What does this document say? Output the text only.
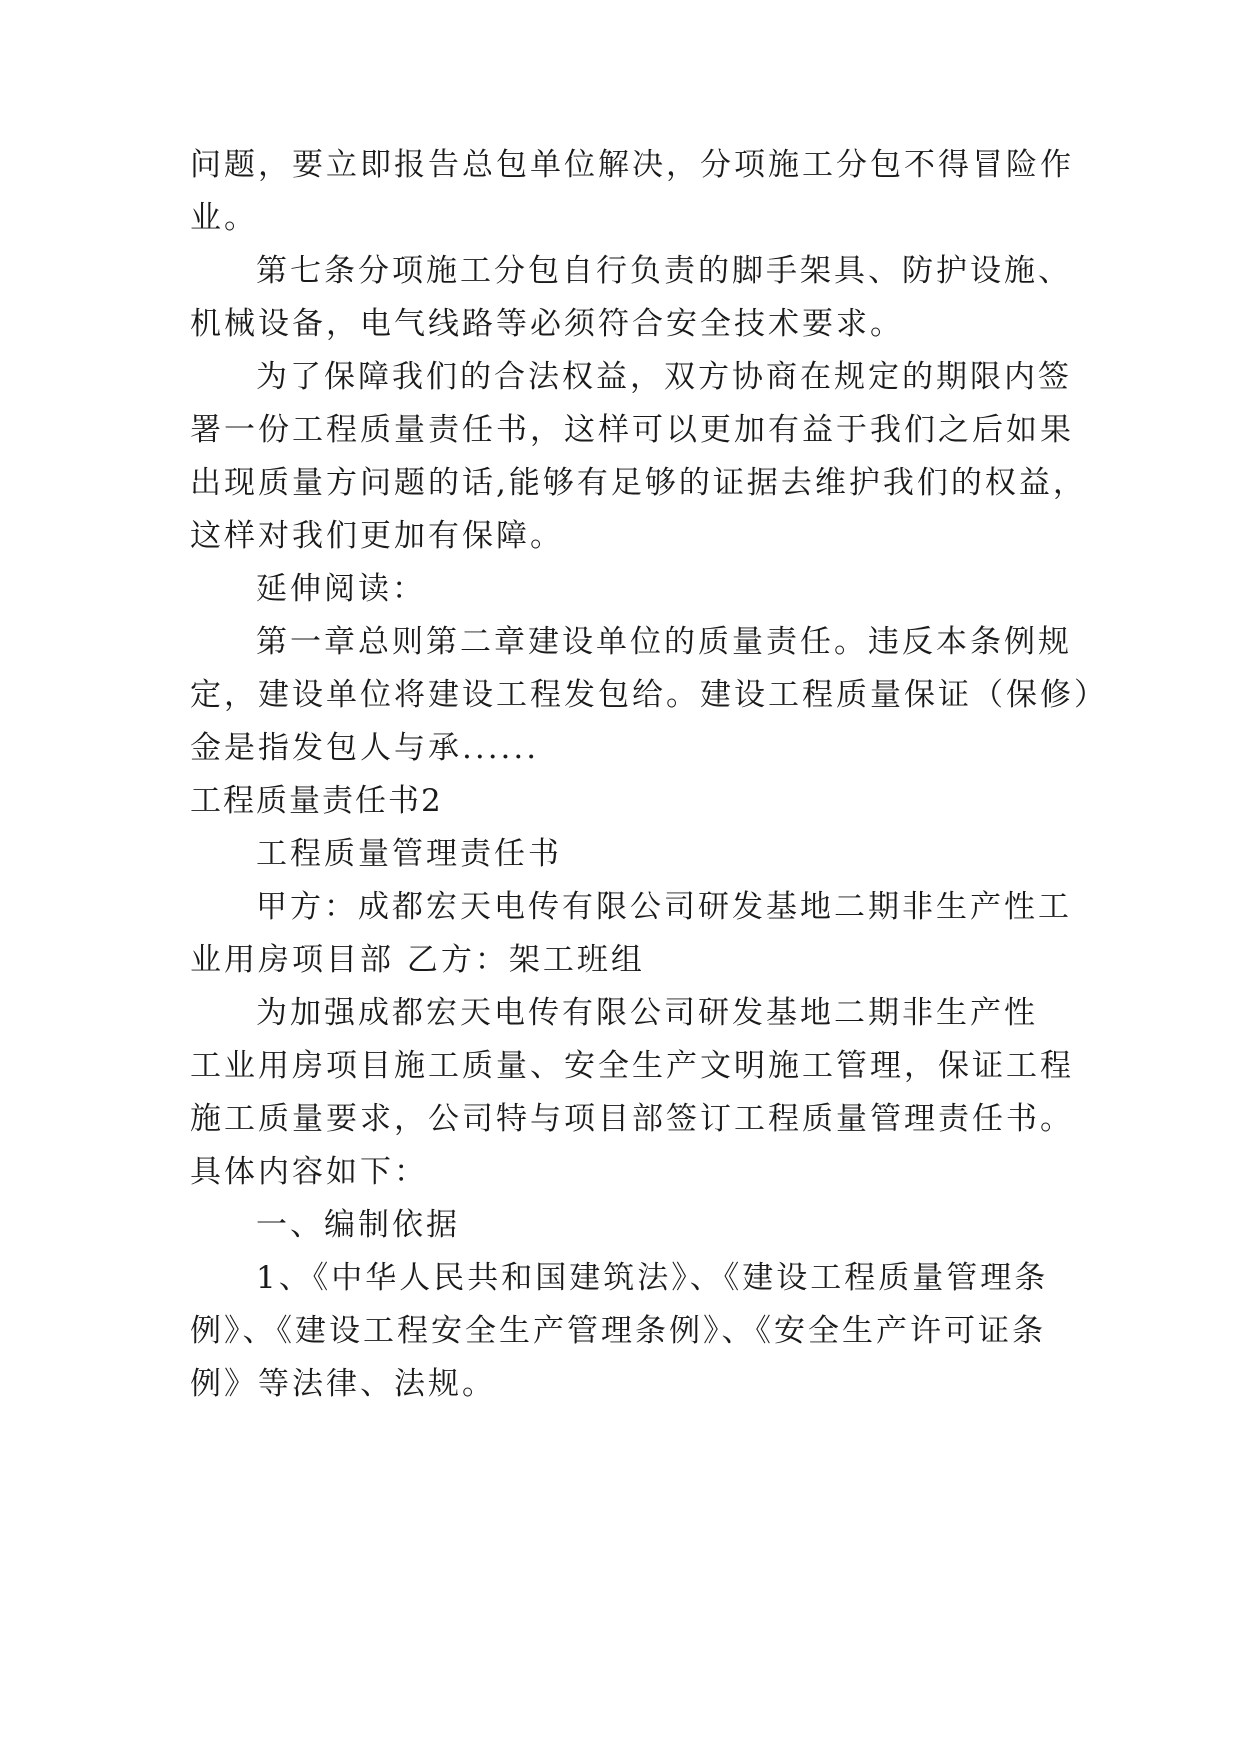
问题，要立即报告总包单位解决，分项施工分包不得冒险作
业。
第七条分项施工分包自行负责的脚手架具、防护设施、
机械设备，电气线路等必须符合安全技术要求。
为了保障我们的合法权益，双方协商在规定的期限内签
署一份工程质量责任书，这样可以更加有益于我们之后如果
出现质量方问题的话,能够有足够的证据去维护我们的权益，
这样对我们更加有保障。
延伸阅读：
第一章总则第二章建设单位的质量责任。违反本条例规
定，建设单位将建设工程发包给。建设工程质量保证（保修）
金是指发包人与承......
工程质量责任书2
工程质量管理责任书
甲方：成都宏天电传有限公司研发基地二期非生产性工
业用房项目部 乙方：架工班组
为加强成都宏天电传有限公司研发基地二期非生产性
工业用房项目施工质量、安全生产文明施工管理，保证工程
施工质量要求，公司特与项目部签订工程质量管理责任书。
具体内容如下：
一、编制依据
1、《中华人民共和国建筑法》、《建设工程质量管理条
例》、《建设工程安全生产管理条例》、《安全生产许可证条
例》等法律、法规。
